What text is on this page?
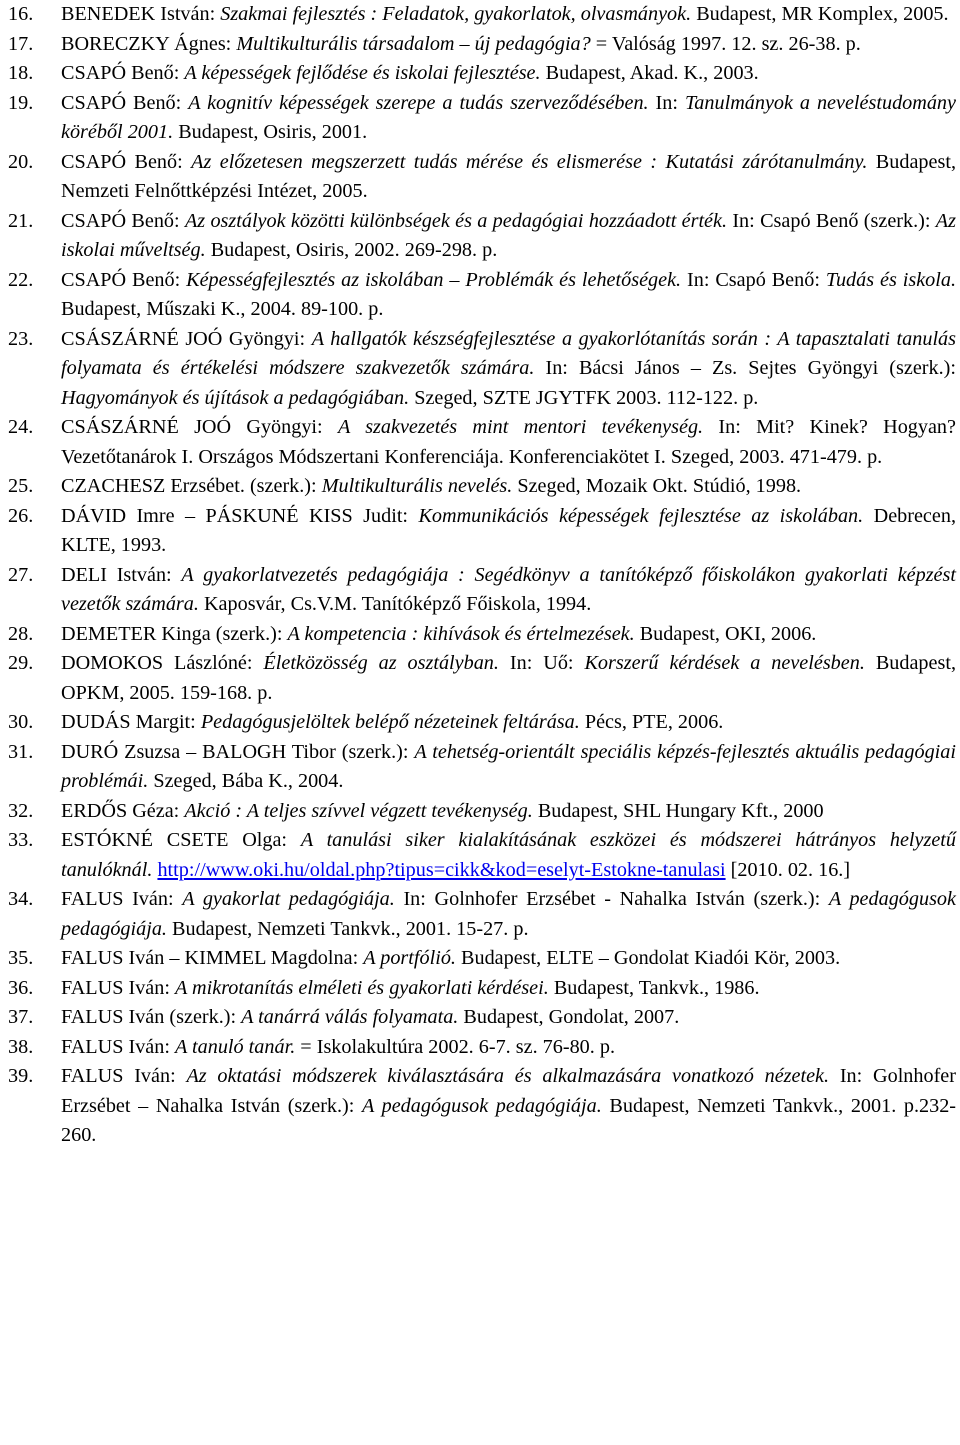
16.	BENEDEK István: Szakmai fejlesztés : Feladatok, gyakorlatok, olvasmányok. Budapest, MR Komplex, 2005.
17.	BORECZKY Ágnes: Multikulturális társadalom – új pedagógia? = Valóság 1997. 12. sz. 26-38. p.
18.	CSAPÓ Benő: A képességek fejlődése és iskolai fejlesztése. Budapest, Akad. K., 2003.
19.	CSAPÓ Benő: A kognitív képességek szerepe a tudás szerveződésében. In: Tanulmányok a neveléstudomány köréből 2001. Budapest, Osiris, 2001.
20.	CSAPÓ Benő: Az előzetesen megszerzett tudás mérése és elismerése : Kutatási zárótanulmány. Budapest, Nemzeti Felnőttképzési Intézet, 2005.
21.	CSAPÓ Benő: Az osztályok közötti különbségek és a pedagógiai hozzáadott érték. In: Csapó Benő (szerk.): Az iskolai műveltség. Budapest, Osiris, 2002. 269-298. p.
22.	CSAPÓ Benő: Képességfejlesztés az iskolában – Problémák és lehetőségek. In: Csapó Benő: Tudás és iskola. Budapest, Műszaki K., 2004. 89-100. p.
23.	CSÁSZÁRNÉ JOÓ Gyöngyi: A hallgatók készségfejlesztése a gyakorlótanítás során : A tapasztalati tanulás folyamata és értékelési módszere szakvezetők számára. In: Bácsi János – Zs. Sejtes Gyöngyi (szerk.): Hagyományok és újítások a pedagógiában. Szeged, SZTE JGYTFK 2003. 112-122. p.
24.	CSÁSZÁRNÉ JOÓ Gyöngyi: A szakvezetés mint mentori tevékenység. In: Mit? Kinek? Hogyan? Vezetőtanárok I. Országos Módszertani Konferenciája. Konferenciakötet I. Szeged, 2003. 471-479. p.
25.	CZACHESZ Erzsébet. (szerk.): Multikulturális nevelés. Szeged, Mozaik Okt. Stúdió, 1998.
26.	DÁVID Imre – PÁSKUNÉ KISS Judit: Kommunikációs képességek fejlesztése az iskolában. Debrecen, KLTE, 1993.
27.	DELI István: A gyakorlatvezetés pedagógiája : Segédkönyv a tanítóképző főiskolákon gyakorlati képzést vezetők számára. Kaposvár, Cs.V.M. Tanítóképző Főiskola, 1994.
28.	DEMETER Kinga (szerk.): A kompetencia : kihívások és értelmezések. Budapest, OKI, 2006.
29.	DOMOKOS Lászlóné: Életközösség az osztályban. In: Uő: Korszerű kérdések a nevelésben. Budapest, OPKM, 2005. 159-168. p.
30.	DUDÁS Margit: Pedagógusjelöltek belépő nézeteinek feltárása. Pécs, PTE, 2006.
31.	DURÓ Zsuzsa – BALOGH Tibor (szerk.): A tehetség-orientált speciális képzés-fejlesztés aktuális pedagógiai problémái. Szeged, Bába K., 2004.
32.	ERDŐS Géza: Akció : A teljes szívvel végzett tevékenység. Budapest, SHL Hungary Kft., 2000
33.	ESTÓKNÉ CSETE Olga: A tanulási siker kialakításának eszközei és módszerei hátrányos helyzetű tanulóknál. http://www.oki.hu/oldal.php?tipus=cikk&kod=eselyt-Estokne-tanulasi [2010. 02. 16.]
34.	FALUS Iván: A gyakorlat pedagógiája. In: Golnhofer Erzsébet - Nahalka István (szerk.): A pedagógusok pedagógiája. Budapest, Nemzeti Tankvk., 2001. 15-27. p.
35.	FALUS Iván – KIMMEL Magdolna: A portfólió. Budapest, ELTE – Gondolat Kiadói Kör, 2003.
36.	FALUS Iván: A mikrotanítás elméleti és gyakorlati kérdései. Budapest, Tankvk., 1986.
37.	FALUS Iván (szerk.): A tanárrá válás folyamata. Budapest, Gondolat, 2007.
38.	FALUS Iván: A tanuló tanár. = Iskolakultúra 2002. 6-7. sz. 76-80. p.
39.	FALUS Iván: Az oktatási módszerek kiválasztására és alkalmazására vonatkozó nézetek. In: Golnhofer Erzsébet – Nahalka István (szerk.): A pedagógusok pedagógiája. Budapest, Nemzeti Tankvk., 2001. p.232-260.
